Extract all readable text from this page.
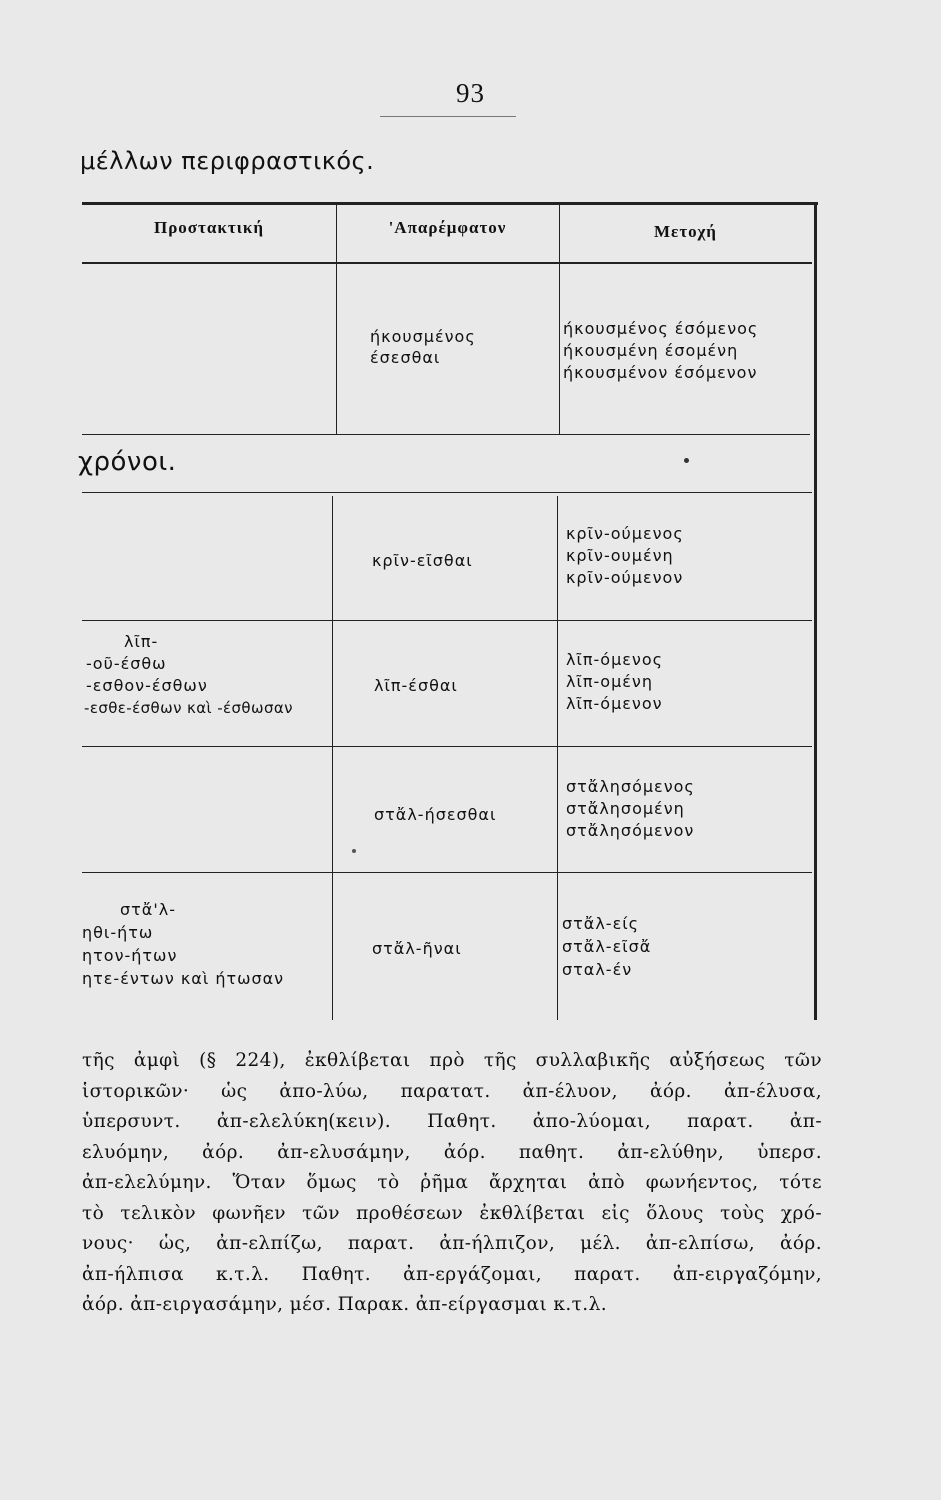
93
μέλλων περιφραστικός.
Προστακτική	'Απαρέμφατον	Μετοχή
ήκουσμένος
έσεσθαι
ήκουσμένος έσόμενος
ήκουσμένη έσομένη
ήκουσμένον έσόμενον
κρῖν-εῖσθαι
κρῖν-ούμενος
κρῖν-ουμένη
κρῖν-ούμενον
λῖπ-
-οῦ-έσθω
-εσθον-έσθων
-εσθε-έσθων καὶ -έσθωσαν
λῖπ-έσθαι
λῖπ-όμενος
λῖπ-ομένη
λῖπ-όμενον
στἄλ-ήσεσθαι
στἄλησόμενος
στἄλησομένη
στἄλησόμενον
στἄ'λ-
ηθι-ήτω
ητον-ήτων
ητε-έντων καὶ ήτωσαν
στἄλ-ῆναι
στἄλ-είς
στἄλ-εῖσἄ
σταλ-έν
χρόνοι.
τῆς ἀμφὶ (§ 224), ἐκθλίβεται πρὸ τῆς συλλαβικῆς αὐξήσεως τῶν
ἱστορικῶν· ὡς ἀπο-λύω, παρατατ. ἀπ-έλυον, ἀόρ. ἀπ-έλυσα,
ὑπερσυντ. ἀπ-ελελύκη(κειν). Παθητ. ἀπο-λύομαι, παρατ. ἀπ-
ελυόμην, ἀόρ. ἀπ-ελυσάμην, ἀόρ. παθητ. ἀπ-ελύθην, ὑπερσ.
ἀπ-ελελύμην. Ὅταν ὅμως τὸ ῥῆμα ἄρχηται ἀπὸ φωνήεντος, τότε
τὸ τελικὸν φωνῆεν τῶν προθέσεων ἐκθλίβεται εἰς ὅλους τοὺς χρό-
νους· ὡς, ἀπ-ελπίζω, παρατ. ἀπ-ήλπιζον, μέλ. ἀπ-ελπίσω, ἀόρ.
ἀπ-ήλπισα κ.τ.λ. Παθητ. ἀπ-εργάζομαι, παρατ. ἀπ-ειργαζόμην,
ἀόρ. ἀπ-ειργασάμην, μέσ. Παρακ. ἀπ-είργασμαι κ.τ.λ.
